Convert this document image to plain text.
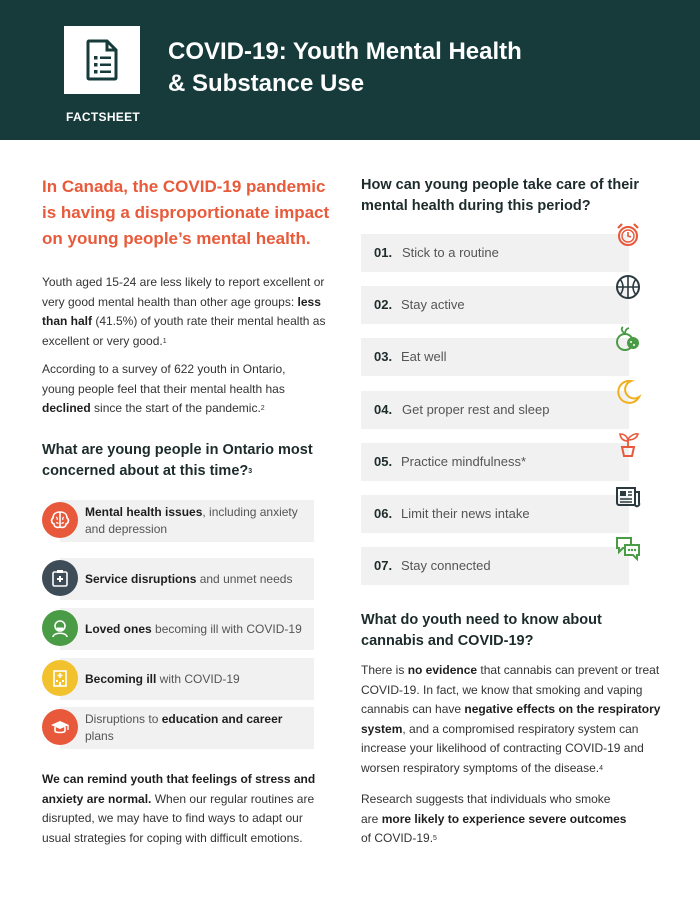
FACTSHEET
COVID-19: Youth Mental Health
& Substance Use
In Canada, the COVID-19 pandemic is having a disproportionate impact on young people’s mental health.
Youth aged 15-24 are less likely to report excellent or very good mental health than other age groups: less than half (41.5%) of youth rate their mental health as excellent or very good.$^1$
According to a survey of 622 youth in Ontario, young people feel that their mental health has declined since the start of the pandemic.$^2$
What are young people in Ontario most concerned about at this time?$^3$
Mental health issues, including anxiety and depression
Service disruptions and unmet needs
Loved ones becoming ill with COVID-19
Becoming ill with COVID-19
Disruptions to education and career plans
We can remind youth that feelings of stress and anxiety are normal. When our regular routines are disrupted, we may have to find ways to adapt our usual strategies for coping with difficult emotions.
How can young people take care of their mental health during this period?
01. Stick to a routine
02. Stay active
03. Eat well
04. Get proper rest and sleep
05. Practice mindfulness*
06. Limit their news intake
07. Stay connected
What do youth need to know about cannabis and COVID-19?
There is no evidence that cannabis can prevent or treat COVID-19. In fact, we know that smoking and vaping cannabis can have negative effects on the respiratory system, and a compromised respiratory system can increase your likelihood of contracting COVID-19 and worsen respiratory symptoms of the disease.$^4$
Research suggests that individuals who smoke are more likely to experience severe outcomes of COVID-19.$^5$
